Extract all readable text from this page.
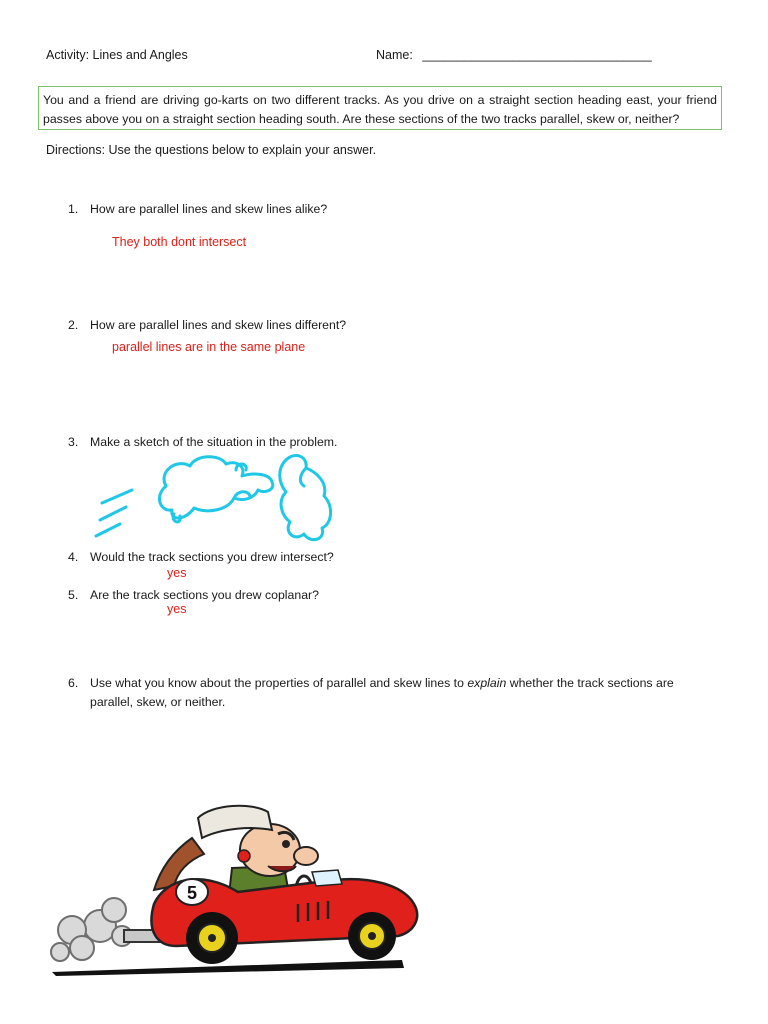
Activity: Lines and Angles	Name: _________________________________
You and a friend are driving go-karts on two different tracks. As you drive on a straight section heading east, your friend passes above you on a straight section heading south. Are these sections of the two tracks parallel, skew or, neither?
Directions: Use the questions below to explain your answer.
1. How are parallel lines and skew lines alike?
They both dont intersect
2. How are parallel lines and skew lines different?
parallel lines are in the same plane
3. Make a sketch of the situation in the problem.
4. Would the track sections you drew intersect?
yes
5. Are the track sections you drew coplanar?
yes
6. Use what you know about the properties of parallel and skew lines to explain whether the track sections are parallel, skew, or neither.
5
